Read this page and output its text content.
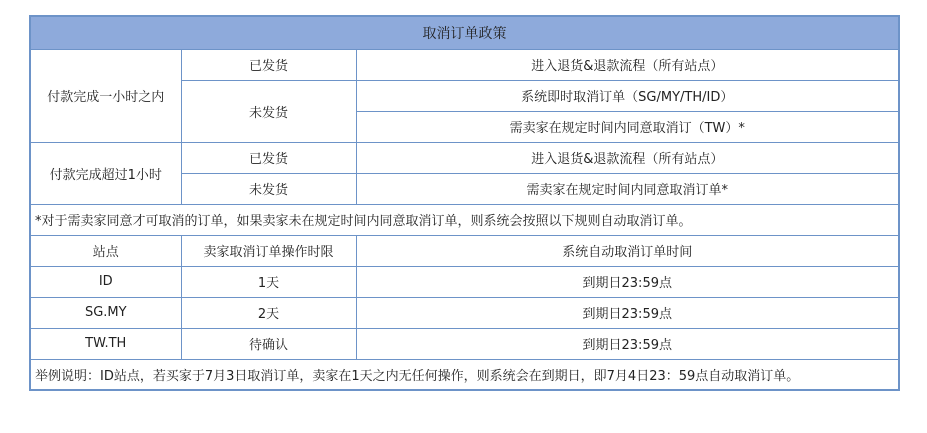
取消订单政策		
付款完成一小时之内	已发货	进入退货&退款流程（所有站点）
	未发货	系统即时取消订单（SG/MY/TH/ID）
		需卖家在规定时间内同意取消订（TW）*
付款完成超过1小时	已发货	进入退货&退款流程（所有站点）
	未发货	需卖家在规定时间内同意取消订单*
*对于需卖家同意才可取消的订单，如果卖家未在规定时间内同意取消订单，则系统会按照以下规则自动取消订单。		
站点	卖家取消订单操作时限	系统自动取消订单时间
ID	1天	到期日23:59点
SG.MY	2天	到期日23:59点
TW.TH	待确认	到期日23:59点
举例说明：ID站点，若买家于7月3日取消订单，卖家在1天之内无任何操作，则系统会在到期日，即7月4日23：59点自动取消订单。		
